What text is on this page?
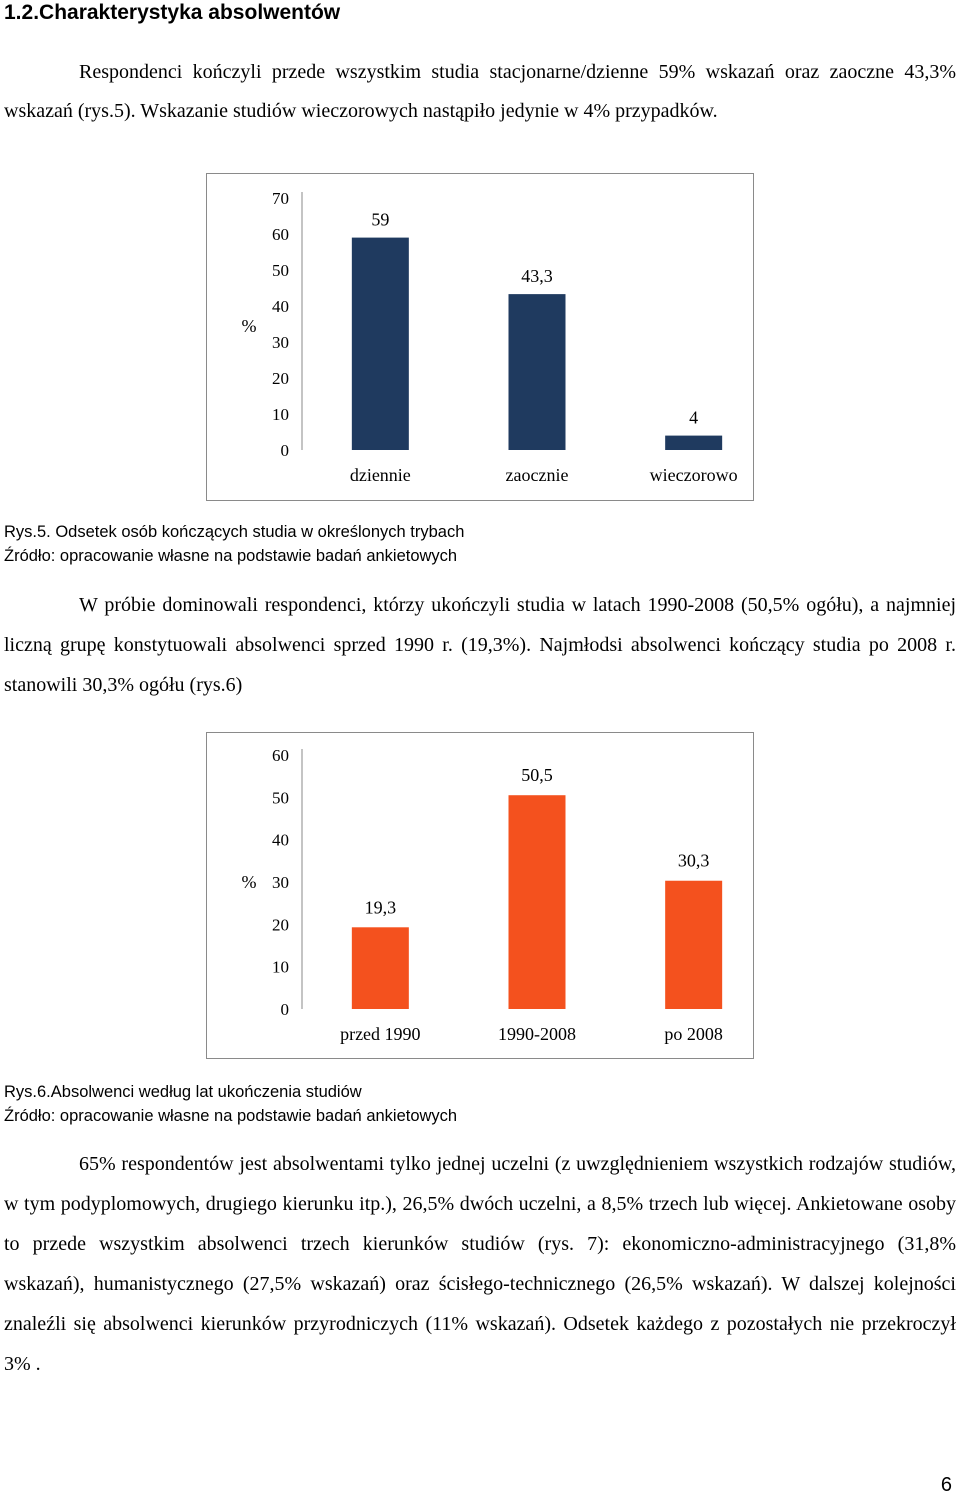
1.2.Charakterystyka absolwentów

Respondenci kończyli przede wszystkim studia stacjonarne/dzienne 59% wskazań oraz zaoczne 43,3% wskazań (rys.5). Wskazanie studiów wieczorowych nastąpiło jedynie w 4% przypadków.

0
10
20
30
40
50
60
70
%
59
dziennie
43,3
zaocznie
4
wieczorowo
Rys.5. Odsetek osób kończących studia w określonych trybach
Źródło: opracowanie własne na podstawie badań ankietowych

W próbie dominowali respondenci, którzy ukończyli studia w latach 1990-2008 (50,5% ogółu), a najmniej liczną grupę konstytuowali absolwenci sprzed 1990 r. (19,3%). Najmłodsi absolwenci kończący studia po 2008 r. stanowili 30,3% ogółu (rys.6)

0
10
20
30
40
50
60
%
19,3
przed 1990
50,5
1990-2008
30,3
po 2008
Rys.6.Absolwenci według lat ukończenia studiów
Źródło: opracowanie własne na podstawie badań ankietowych

65% respondentów jest absolwentami tylko jednej uczelni (z uwzględnieniem wszystkich rodzajów studiów, w tym podyplomowych, drugiego kierunku itp.), 26,5% dwóch uczelni, a 8,5% trzech lub więcej. Ankietowane osoby to przede wszystkim absolwenci trzech kierunków studiów (rys. 7): ekonomiczno-administracyjnego (31,8% wskazań), humanistycznego (27,5% wskazań) oraz ścisłego-technicznego (26,5% wskazań). W dalszej kolejności znaleźli się absolwenci kierunków przyrodniczych (11% wskazań). Odsetek każdego z pozostałych nie przekroczył 3% .

6
